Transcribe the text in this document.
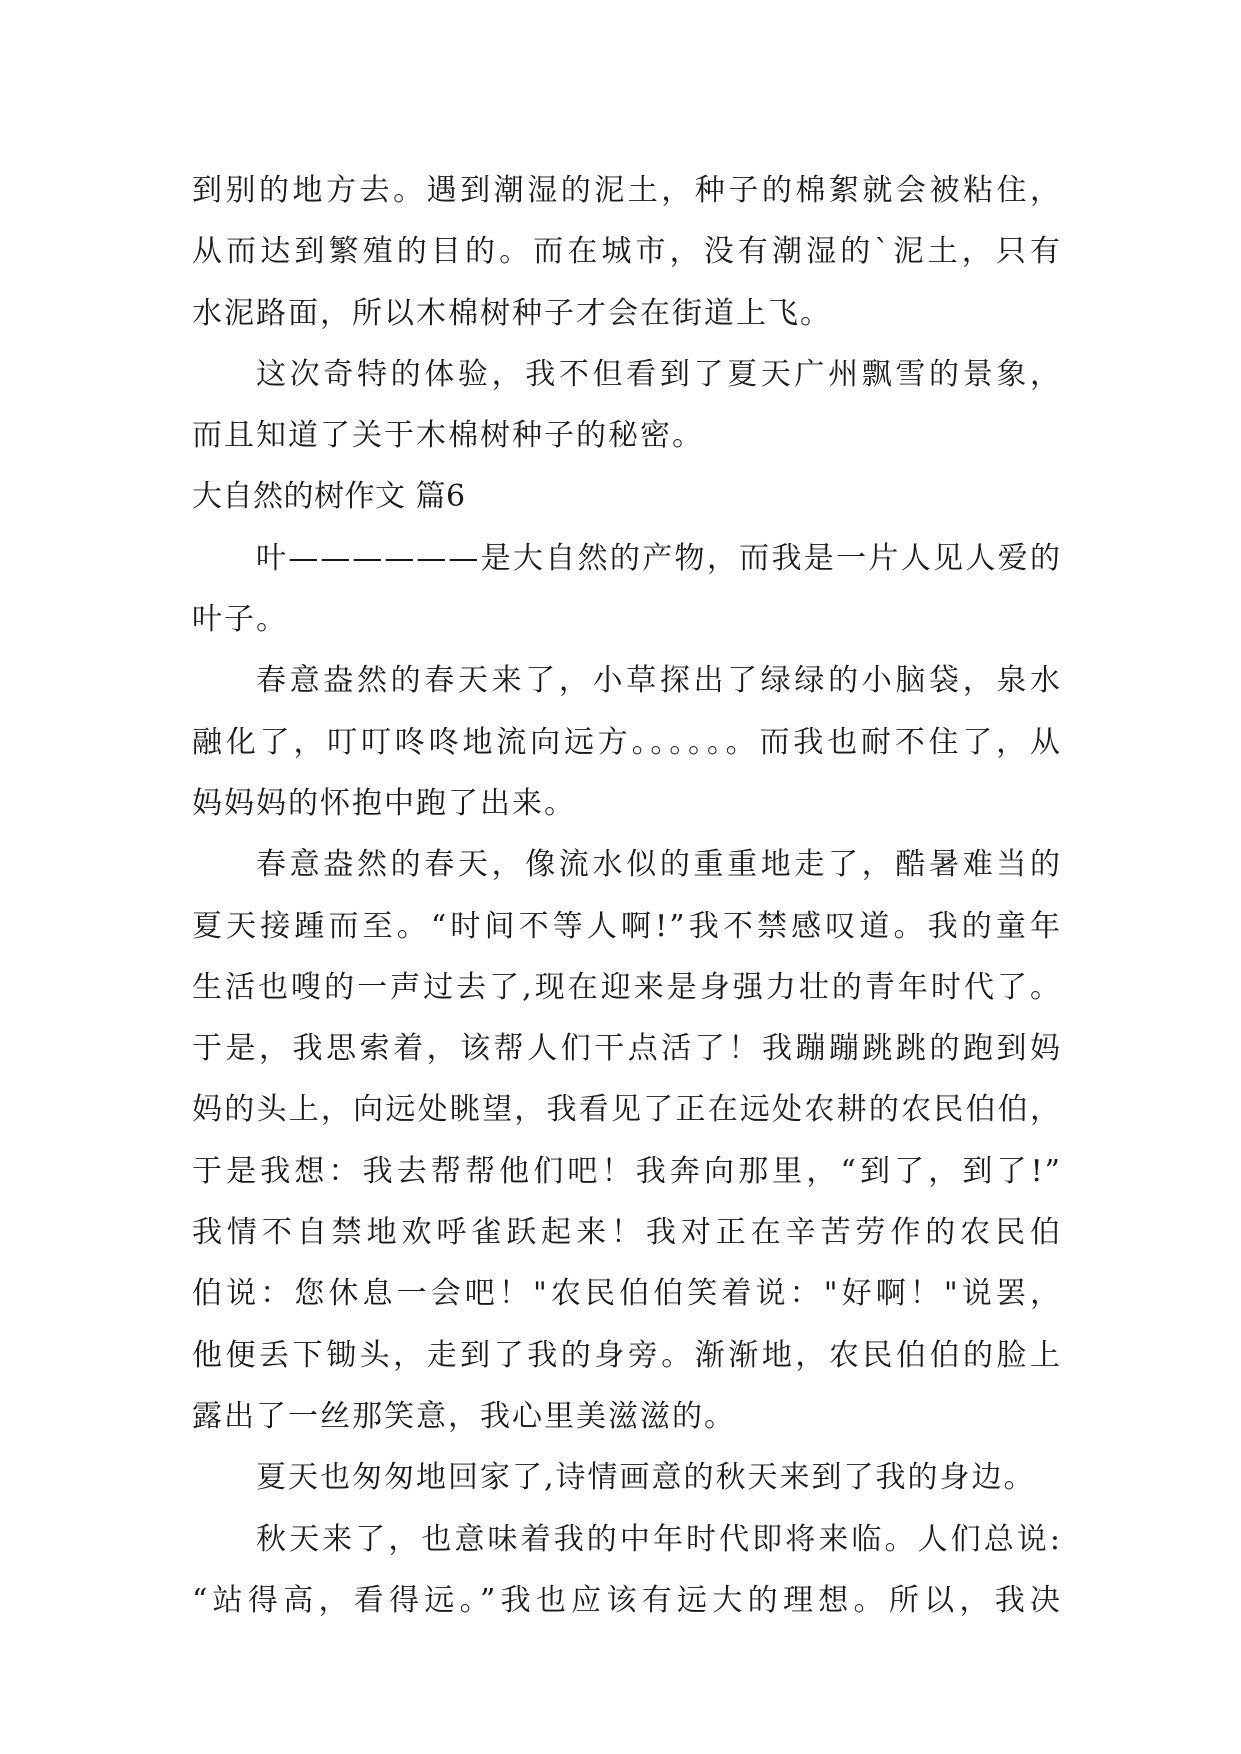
到别的地方去。遇到潮湿的泥土，种子的棉絮就会被粘住，
从而达到繁殖的目的。而在城市，没有潮湿的`泥土，只有
水泥路面，所以木棉树种子才会在街道上飞。
这次奇特的体验，我不但看到了夏天广州飘雪的景象，
而且知道了关于木棉树种子的秘密。
大自然的树作文 篇6
叶——————是大自然的产物，而我是一片人见人爱的
叶子。
春意盎然的春天来了，小草探出了绿绿的小脑袋，泉水
融化了，叮叮咚咚地流向远方。。。。。。而我也耐不住了，从
妈妈妈的怀抱中跑了出来。
春意盎然的春天，像流水似的重重地走了，酷暑难当的
夏天接踵而至。“时间不等人啊!”我不禁感叹道。我的童年
生活也嗖的一声过去了,现在迎来是身强力壮的青年时代了。
于是，我思索着，该帮人们干点活了！我蹦蹦跳跳的跑到妈
妈的头上，向远处眺望，我看见了正在远处农耕的农民伯伯，
于是我想：我去帮帮他们吧！我奔向那里，“到了，到了!”
我情不自禁地欢呼雀跃起来！我对正在辛苦劳作的农民伯
伯说：您休息一会吧！"农民伯伯笑着说："好啊！"说罢，
他便丢下锄头，走到了我的身旁。渐渐地，农民伯伯的脸上
露出了一丝那笑意，我心里美滋滋的。
夏天也匆匆地回家了,诗情画意的秋天来到了我的身边。
秋天来了，也意味着我的中年时代即将来临。人们总说:
“站得高，看得远。”我也应该有远大的理想。所以，我决
